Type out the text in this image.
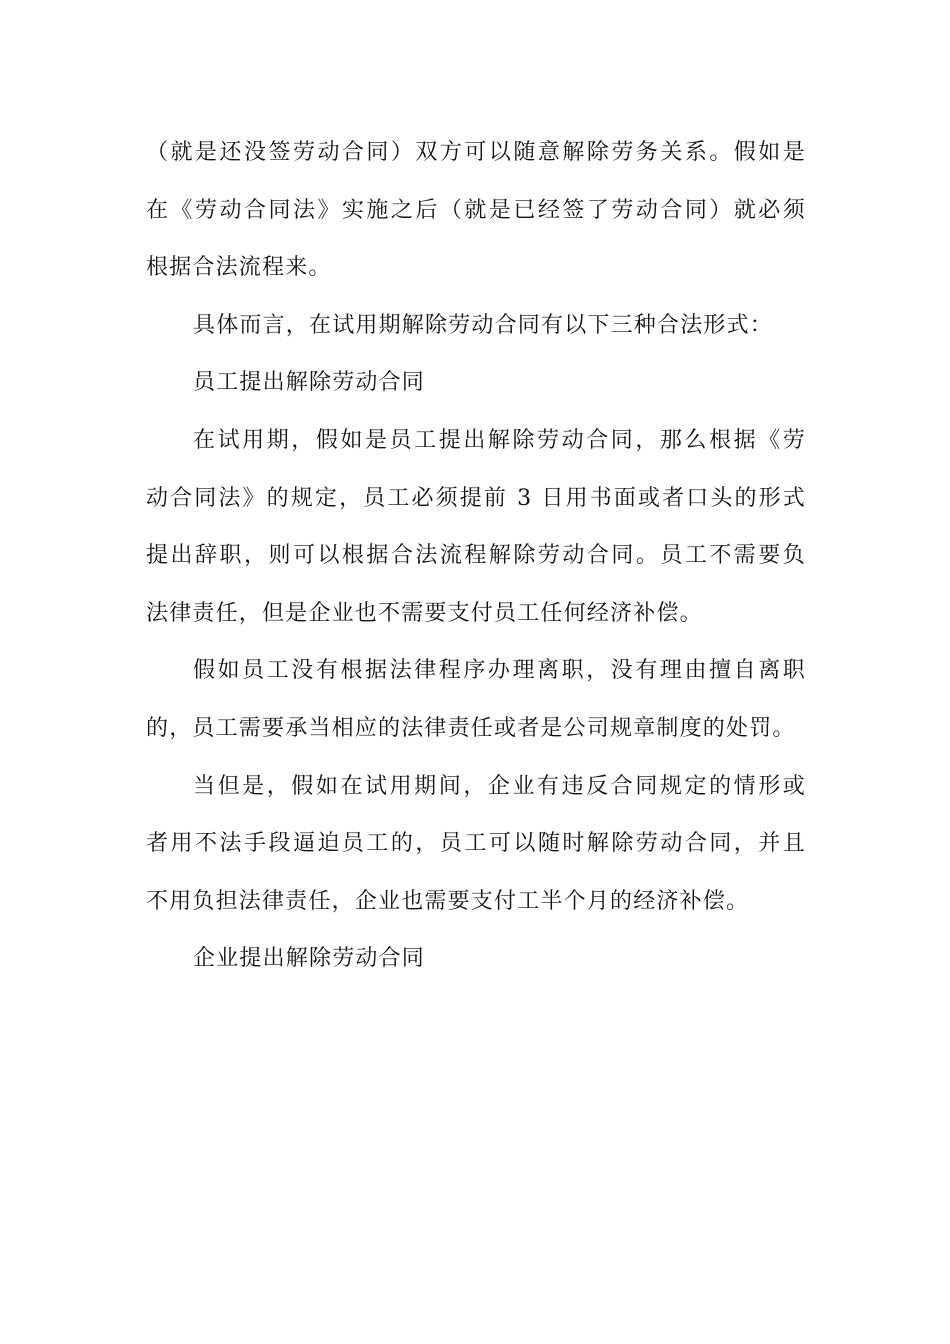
（就是还没签劳动合同）双方可以随意解除劳务关系。假如是
在《劳动合同法》实施之后（就是已经签了劳动合同）就必须
根据合法流程来。
具体而言，在试用期解除劳动合同有以下三种合法形式：
员工提出解除劳动合同
在试用期，假如是员工提出解除劳动合同，那么根据《劳
动合同法》的规定，员工必须提前 3 日用书面或者口头的形式
提出辞职，则可以根据合法流程解除劳动合同。员工不需要负
法律责任，但是企业也不需要支付员工任何经济补偿。
假如员工没有根据法律程序办理离职，没有理由擅自离职
的，员工需要承当相应的法律责任或者是公司规章制度的处罚。
当但是，假如在试用期间，企业有违反合同规定的情形或
者用不法手段逼迫员工的，员工可以随时解除劳动合同，并且
不用负担法律责任，企业也需要支付工半个月的经济补偿。
企业提出解除劳动合同
